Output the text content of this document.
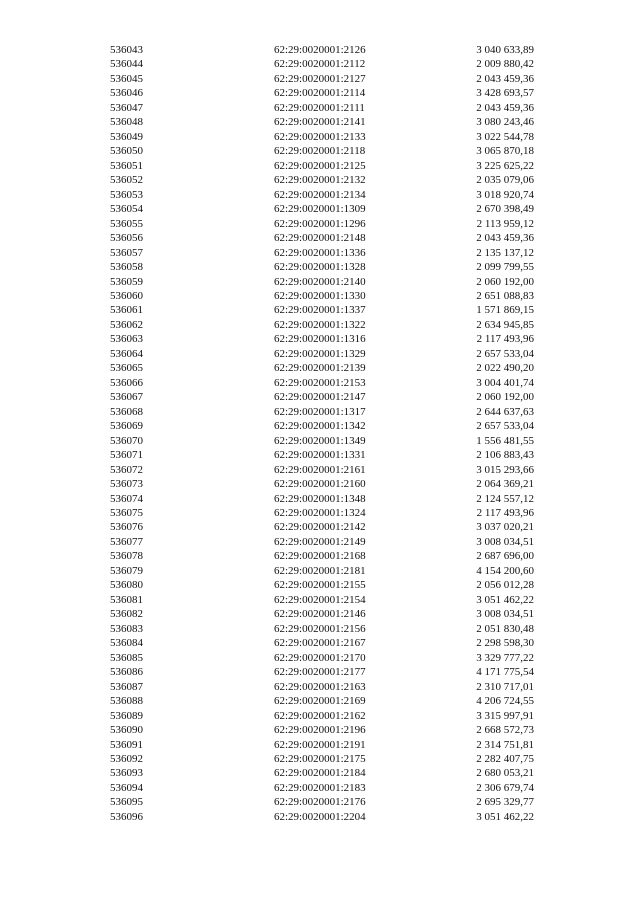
536043	62:29:0020001:2126	3 040 633,89
536044	62:29:0020001:2112	2 009 880,42
536045	62:29:0020001:2127	2 043 459,36
536046	62:29:0020001:2114	3 428 693,57
536047	62:29:0020001:2111	2 043 459,36
536048	62:29:0020001:2141	3 080 243,46
536049	62:29:0020001:2133	3 022 544,78
536050	62:29:0020001:2118	3 065 870,18
536051	62:29:0020001:2125	3 225 625,22
536052	62:29:0020001:2132	2 035 079,06
536053	62:29:0020001:2134	3 018 920,74
536054	62:29:0020001:1309	2 670 398,49
536055	62:29:0020001:1296	2 113 959,12
536056	62:29:0020001:2148	2 043 459,36
536057	62:29:0020001:1336	2 135 137,12
536058	62:29:0020001:1328	2 099 799,55
536059	62:29:0020001:2140	2 060 192,00
536060	62:29:0020001:1330	2 651 088,83
536061	62:29:0020001:1337	1 571 869,15
536062	62:29:0020001:1322	2 634 945,85
536063	62:29:0020001:1316	2 117 493,96
536064	62:29:0020001:1329	2 657 533,04
536065	62:29:0020001:2139	2 022 490,20
536066	62:29:0020001:2153	3 004 401,74
536067	62:29:0020001:2147	2 060 192,00
536068	62:29:0020001:1317	2 644 637,63
536069	62:29:0020001:1342	2 657 533,04
536070	62:29:0020001:1349	1 556 481,55
536071	62:29:0020001:1331	2 106 883,43
536072	62:29:0020001:2161	3 015 293,66
536073	62:29:0020001:2160	2 064 369,21
536074	62:29:0020001:1348	2 124 557,12
536075	62:29:0020001:1324	2 117 493,96
536076	62:29:0020001:2142	3 037 020,21
536077	62:29:0020001:2149	3 008 034,51
536078	62:29:0020001:2168	2 687 696,00
536079	62:29:0020001:2181	4 154 200,60
536080	62:29:0020001:2155	2 056 012,28
536081	62:29:0020001:2154	3 051 462,22
536082	62:29:0020001:2146	3 008 034,51
536083	62:29:0020001:2156	2 051 830,48
536084	62:29:0020001:2167	2 298 598,30
536085	62:29:0020001:2170	3 329 777,22
536086	62:29:0020001:2177	4 171 775,54
536087	62:29:0020001:2163	2 310 717,01
536088	62:29:0020001:2169	4 206 724,55
536089	62:29:0020001:2162	3 315 997,91
536090	62:29:0020001:2196	2 668 572,73
536091	62:29:0020001:2191	2 314 751,81
536092	62:29:0020001:2175	2 282 407,75
536093	62:29:0020001:2184	2 680 053,21
536094	62:29:0020001:2183	2 306 679,74
536095	62:29:0020001:2176	2 695 329,77
536096	62:29:0020001:2204	3 051 462,22
